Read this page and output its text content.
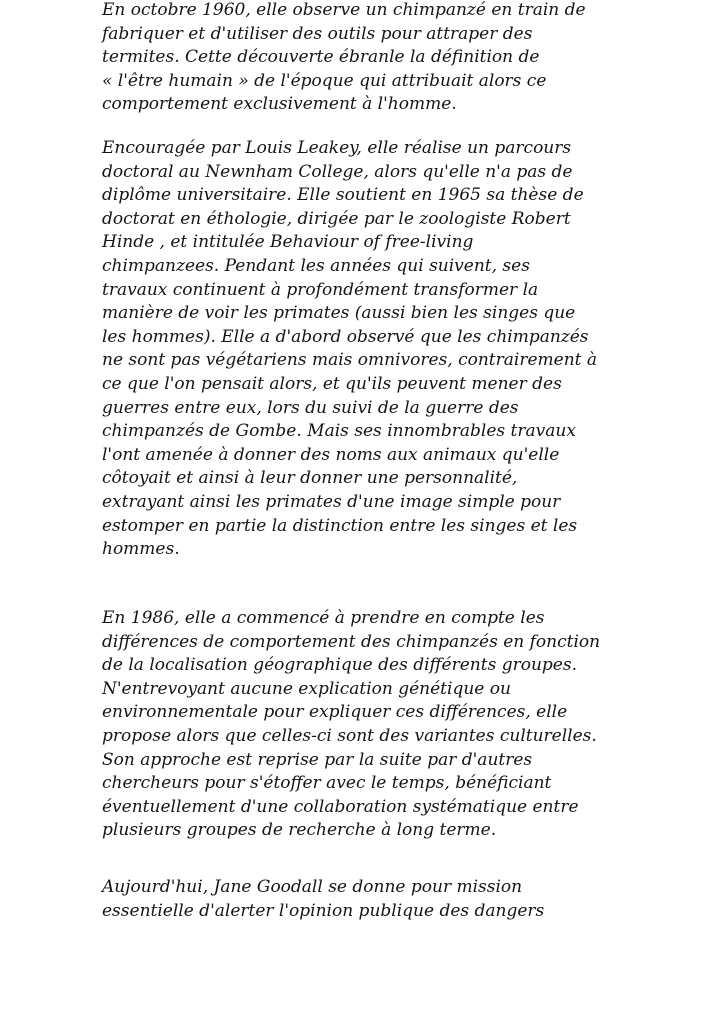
En octobre 1960, elle observe un chimpanzé en train de
fabriquer et d'utiliser des outils pour attraper des
termites. Cette découverte ébranle la définition de
« l'être humain » de l'époque qui attribuait alors ce
comportement exclusivement à l'homme.
Encouragée par Louis Leakey, elle réalise un parcours
doctoral au Newnham College, alors qu'elle n'a pas de
diplôme universitaire. Elle soutient en 1965 sa thèse de
doctorat en éthologie, dirigée par le zoologiste Robert
Hinde , et intitulée Behaviour of free-living
chimpanzees. Pendant les années qui suivent, ses
travaux continuent à profondément transformer la
manière de voir les primates (aussi bien les singes que
les hommes). Elle a d'abord observé que les chimpanzés
ne sont pas végétariens mais omnivores, contrairement à
ce que l'on pensait alors, et qu'ils peuvent mener des
guerres entre eux, lors du suivi de la guerre des
chimpanzés de Gombe. Mais ses innombrables travaux
l'ont amenée à donner des noms aux animaux qu'elle
côtoyait et ainsi à leur donner une personnalité,
extrayant ainsi les primates d'une image simple pour
estomper en partie la distinction entre les singes et les
hommes.
En 1986, elle a commencé à prendre en compte les
différences de comportement des chimpanzés en fonction
de la localisation géographique des différents groupes.
N'entrevoyant aucune explication génétique ou
environnementale pour expliquer ces différences, elle
propose alors que celles-ci sont des variantes culturelles.
Son approche est reprise par la suite par d'autres
chercheurs pour s'étoffer avec le temps, bénéficiant
éventuellement d'une collaboration systématique entre
plusieurs groupes de recherche à long terme.
Aujourd'hui, Jane Goodall se donne pour mission
essentielle d'alerter l'opinion publique des dangers
